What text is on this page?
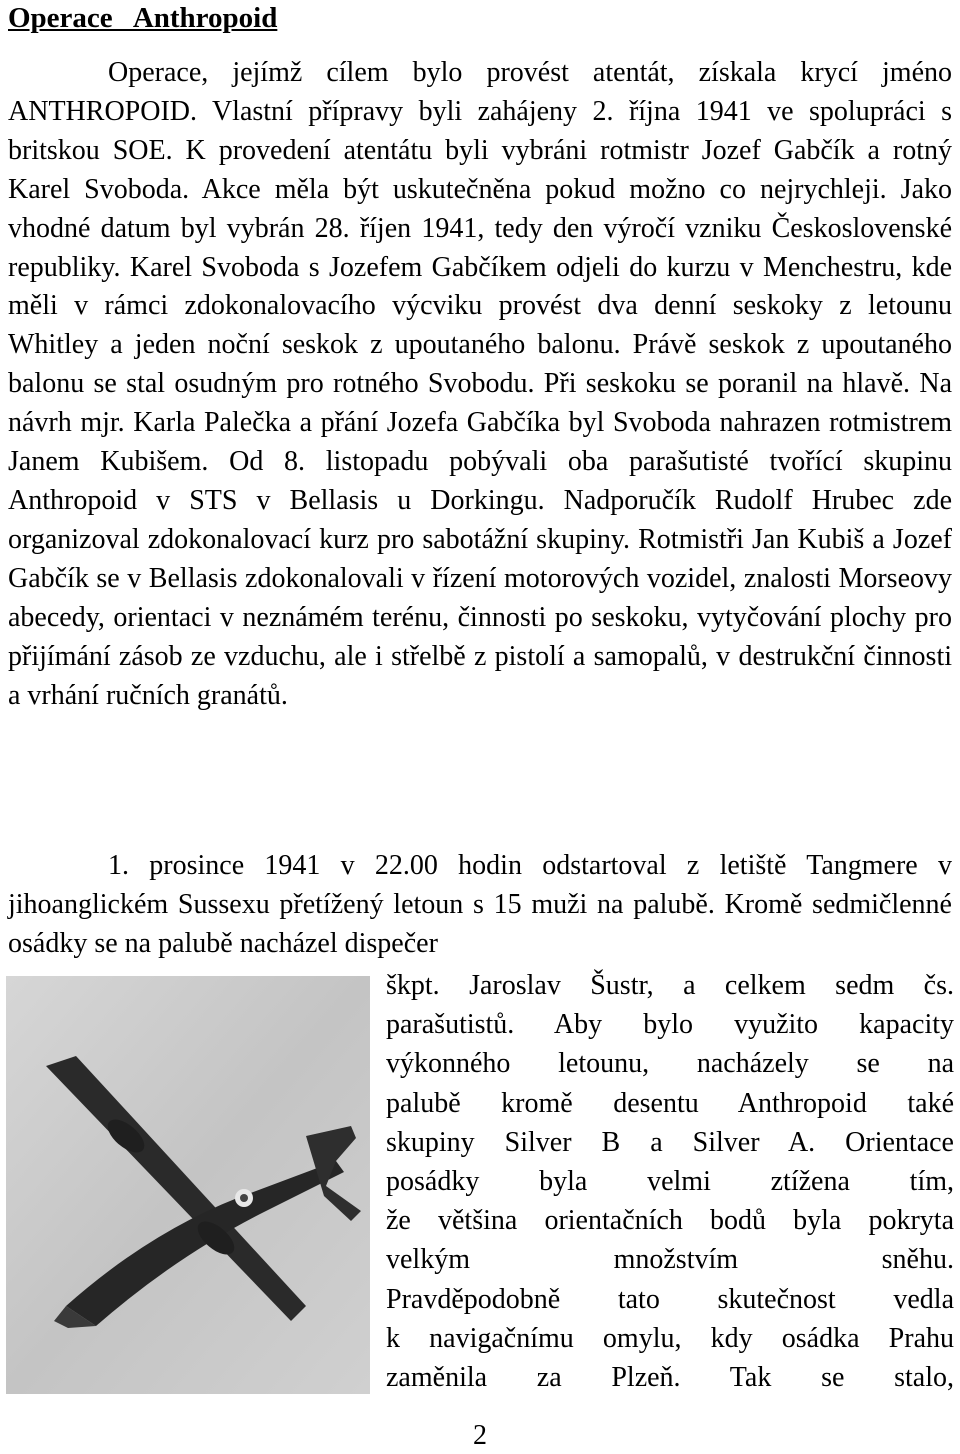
Operace   Anthropoid

Operace, jejímž cílem bylo provést atentát, získala krycí jméno ANTHROPOID. Vlastní přípravy byli zahájeny 2. října 1941 ve spolupráci s britskou SOE. K provedení atentátu byli vybráni rotmistr Jozef Gabčík a rotný Karel Svoboda. Akce měla být uskutečněna pokud možno co nejrychleji. Jako vhodné datum byl vybrán 28. říjen 1941, tedy den výročí vzniku Československé republiky. Karel Svoboda s Jozefem Gabčíkem odjeli do kurzu v Menchestru, kde měli v rámci zdokonalovacího výcviku provést dva denní seskoky z letounu Whitley a jeden noční seskok z upoutaného balonu. Právě seskok z upoutaného balonu se stal osudným pro rotného Svobodu. Při seskoku se poranil na hlavě. Na návrh mjr. Karla Palečka a přání Jozefa Gabčíka byl Svoboda nahrazen rotmistrem Janem Kubišem. Od 8. listopadu pobývali oba parašutisté tvořící skupinu Anthropoid v STS v Bellasis u Dorkingu. Nadporučík Rudolf Hrubec zde organizoval zdokonalovací kurz pro sabotážní skupiny. Rotmistři Jan Kubiš a Jozef Gabčík se v Bellasis zdokonalovali v řízení motorových vozidel, znalosti Morseovy abecedy, orientaci v neznámém terénu, činnosti po seskoku, vytyčování plochy pro přijímání zásob ze vzduchu, ale i střelbě z pistolí a samopalů, v destrukční činnosti a vrhání ručních granátů.

1. prosince 1941 v 22.00 hodin odstartoval z letiště Tangmere v jihoanglickém Sussexu přetížený letoun s 15 muži na palubě. Kromě sedmičlenné osádky se na palubě nacházel dispečer

škpt. Jaroslav Šustr, a celkem sedm čs.
parašutistů. Aby bylo využito kapacity
výkonného letounu, nacházely se na
palubě kromě desentu Anthropoid také
skupiny Silver B a Silver A. Orientace
posádky byla velmi ztížena tím,
že většina orientačních bodů byla pokryta
velkým množstvím sněhu.
Pravděpodobně tato skutečnost vedla
k navigačnímu omylu, kdy osádka Prahu
zaměnila za Plzeň. Tak se stalo,
2
